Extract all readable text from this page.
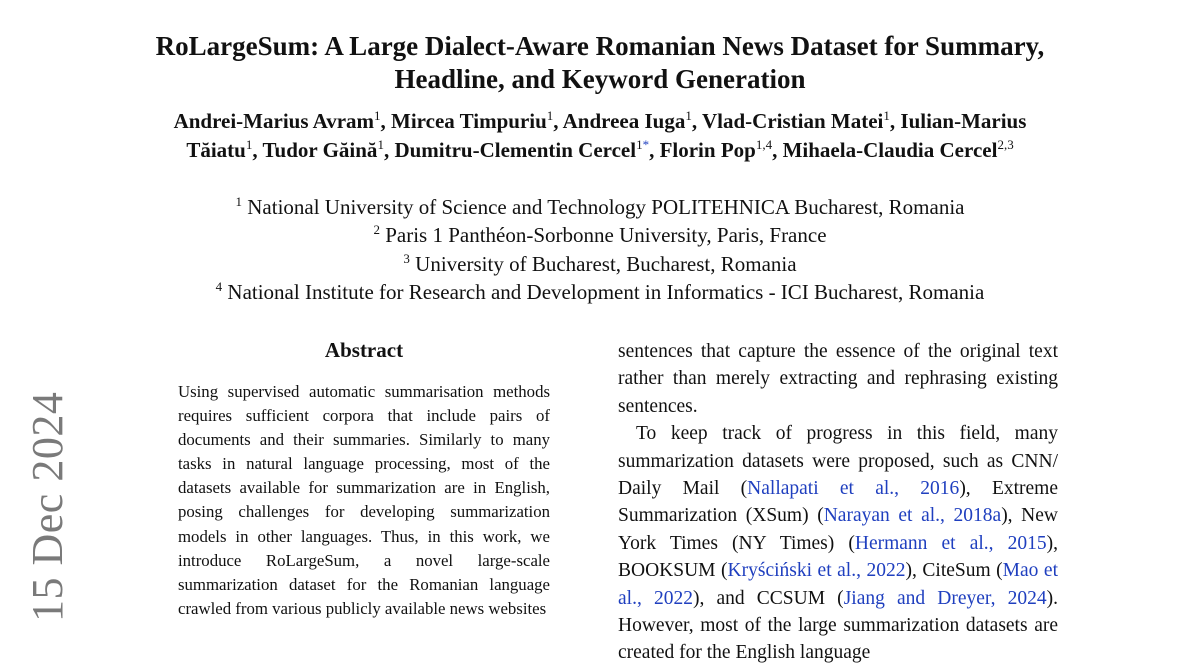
15 Dec 2024
RoLargeSum: A Large Dialect-Aware Romanian News Dataset for Summary, Headline, and Keyword Generation
Andrei-Marius Avram$^1$, Mircea Timpuriu$^1$, Andreea Iuga$^1$, Vlad-Cristian Matei$^1$, Iulian-Marius Tăiatu$^1$, Tudor Găină$^1$, Dumitru-Clementin Cercel$^{1*}$, Florin Pop$^{1,4}$, Mihaela-Claudia Cercel$^{2,3}$
$^1$ National University of Science and Technology POLITEHNICA Bucharest, Romania
$^2$ Paris 1 Panthéon-Sorbonne University, Paris, France
$^3$ University of Bucharest, Bucharest, Romania
$^4$ National Institute for Research and Development in Informatics - ICI Bucharest, Romania
Abstract
Using supervised automatic summarisation methods requires sufficient corpora that include pairs of documents and their summaries. Similarly to many tasks in natural language processing, most of the datasets available for summarization are in English, posing challenges for developing summarization models in other languages. Thus, in this work, we introduce RoLargeSum, a novel large-scale summarization dataset for the Romanian language crawled from various publicly available news websites

sentences that capture the essence of the original text rather than merely extracting and rephrasing existing sentences.

To keep track of progress in this field, many summarization datasets were proposed, such as CNN/ Daily Mail (Nallapati et al., 2016), Extreme Summarization (XSum) (Narayan et al., 2018a), New York Times (NY Times) (Hermann et al., 2015), BOOKSUM (Kryściński et al., 2022), CiteSum (Mao et al., 2022), and CCSUM (Jiang and Dreyer, 2024). However, most of the large summarization datasets are created for the English language
